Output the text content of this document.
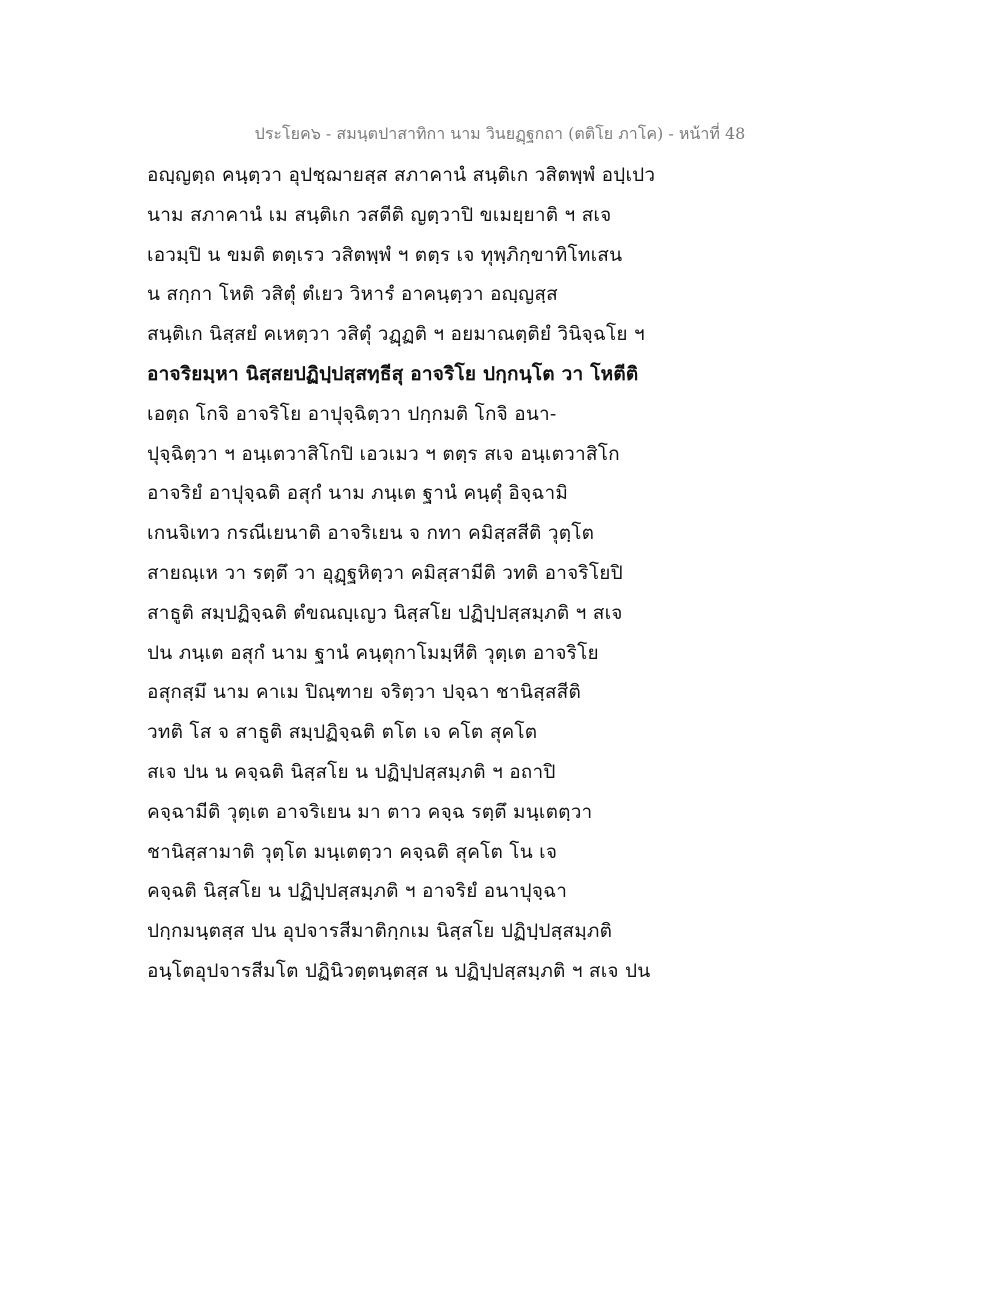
ประโยค๖ - สมนฺตปาสาทิกา นาม วินยฏฺฐกถา (ตติโย ภาโค) - หน้าที่ 48
อญฺญตฺถ คนฺตฺวา อุปชฺฌายสฺส สภาคานํ สนฺติเก วสิตพฺพํ อปฺเปว
นาม สภาคานํ เม สนฺติเก วสตีติ ญตฺวาปิ ขเมยฺยาติ ฯ สเจ
เอวมฺปิ น ขมติ ตตฺเรว วสิตพฺพํ ฯ ตตฺร เจ ทุพฺภิกฺขาทิโทเสน
น สกฺกา โหติ วสิตุํ ตํเยว วิหารํ อาคนฺตฺวา อญฺญสฺส
สนฺติเก นิสฺสยํ คเหตฺวา วสิตุํ วฏฺฏติ ฯ อยมาณตฺติยํ วินิจฺฉโย ฯ
อาจริยมฺหา นิสฺสยปฏิปฺปสฺสทฺธีสุ อาจริโย ปกฺกนฺโต วา โหตีติ
เอตฺถ โกจิ อาจริโย อาปุจฺฉิตฺวา ปกฺกมติ โกจิ อนา-
ปุจฺฉิตฺวา ฯ อนฺเตวาสิโกปิ เอวเมว ฯ ตตฺร สเจ อนฺเตวาสิโก
อาจริยํ อาปุจฺฉติ อสุกํ นาม ภนฺเต ฐานํ คนฺตุํ อิจฺฉามิ
เกนจิเทว กรณีเยนาติ อาจริเยน จ กทา คมิสฺสสีติ วุตฺโต
สายณฺเห วา รตฺตึ วา อุฏฺฐหิตฺวา คมิสฺสามีติ วทติ อาจริโยปิ
สาธูติ สมฺปฏิจฺฉติ ตํขณญฺเญว นิสฺสโย ปฏิปฺปสฺสมฺภติ ฯ สเจ
ปน ภนฺเต อสุกํ นาม ฐานํ คนฺตุกาโมมฺหีติ วุตฺเต อาจริโย
อสุกสฺมึ นาม คาเม ปิณฺฑาย จริตฺวา ปจฺฉา ชานิสฺสสีติ
วทติ โส จ สาธูติ สมฺปฏิจฺฉติ ตโต เจ คโต สุคโต
สเจ ปน น คจฺฉติ นิสฺสโย น ปฏิปฺปสฺสมฺภติ ฯ อถาปิ
คจฺฉามีติ วุตฺเต อาจริเยน มา ตาว คจฺฉ รตฺตึ มนฺเตตฺวา
ชานิสฺสามาติ วุตฺโต มนฺเตตฺวา คจฺฉติ สุคโต โน เจ
คจฺฉติ นิสฺสโย น ปฏิปฺปสฺสมฺภติ ฯ อาจริยํ อนาปุจฺฉา
ปกฺกมนฺตสฺส ปน อุปจารสีมาติกฺกเม นิสฺสโย ปฏิปฺปสฺสมฺภติ
อนฺโตอุปจารสีมโต ปฏินิวตฺตนฺตสฺส น ปฏิปฺปสฺสมฺภติ ฯ สเจ ปน
